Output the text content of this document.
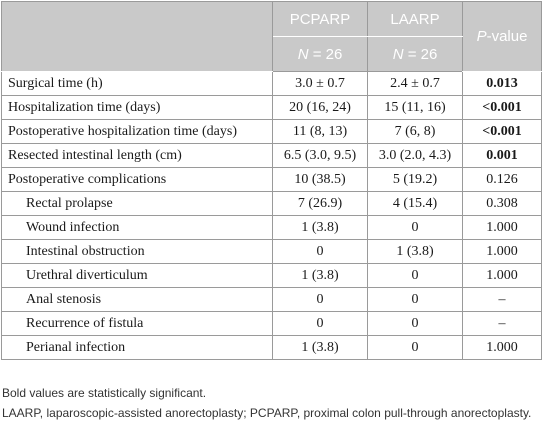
	PCPARP	LAARP	P-value
	N = 26	N = 26	
Surgical time (h)	3.0 ± 0.7	2.4 ± 0.7	0.013
Hospitalization time (days)	20 (16, 24)	15 (11, 16)	<0.001
Postoperative hospitalization time (days)	11 (8, 13)	7 (6, 8)	<0.001
Resected intestinal length (cm)	6.5 (3.0, 9.5)	3.0 (2.0, 4.3)	0.001
Postoperative complications	10 (38.5)	5 (19.2)	0.126
Rectal prolapse	7 (26.9)	4 (15.4)	0.308
Wound infection	1 (3.8)	0	1.000
Intestinal obstruction	0	1 (3.8)	1.000
Urethral diverticulum	1 (3.8)	0	1.000
Anal stenosis	0	0	–
Recurrence of fistula	0	0	–
Perianal infection	1 (3.8)	0	1.000
Bold values are statistically significant.
LAARP, laparoscopic-assisted anorectoplasty; PCPARP, proximal colon pull-through anorectoplasty.
